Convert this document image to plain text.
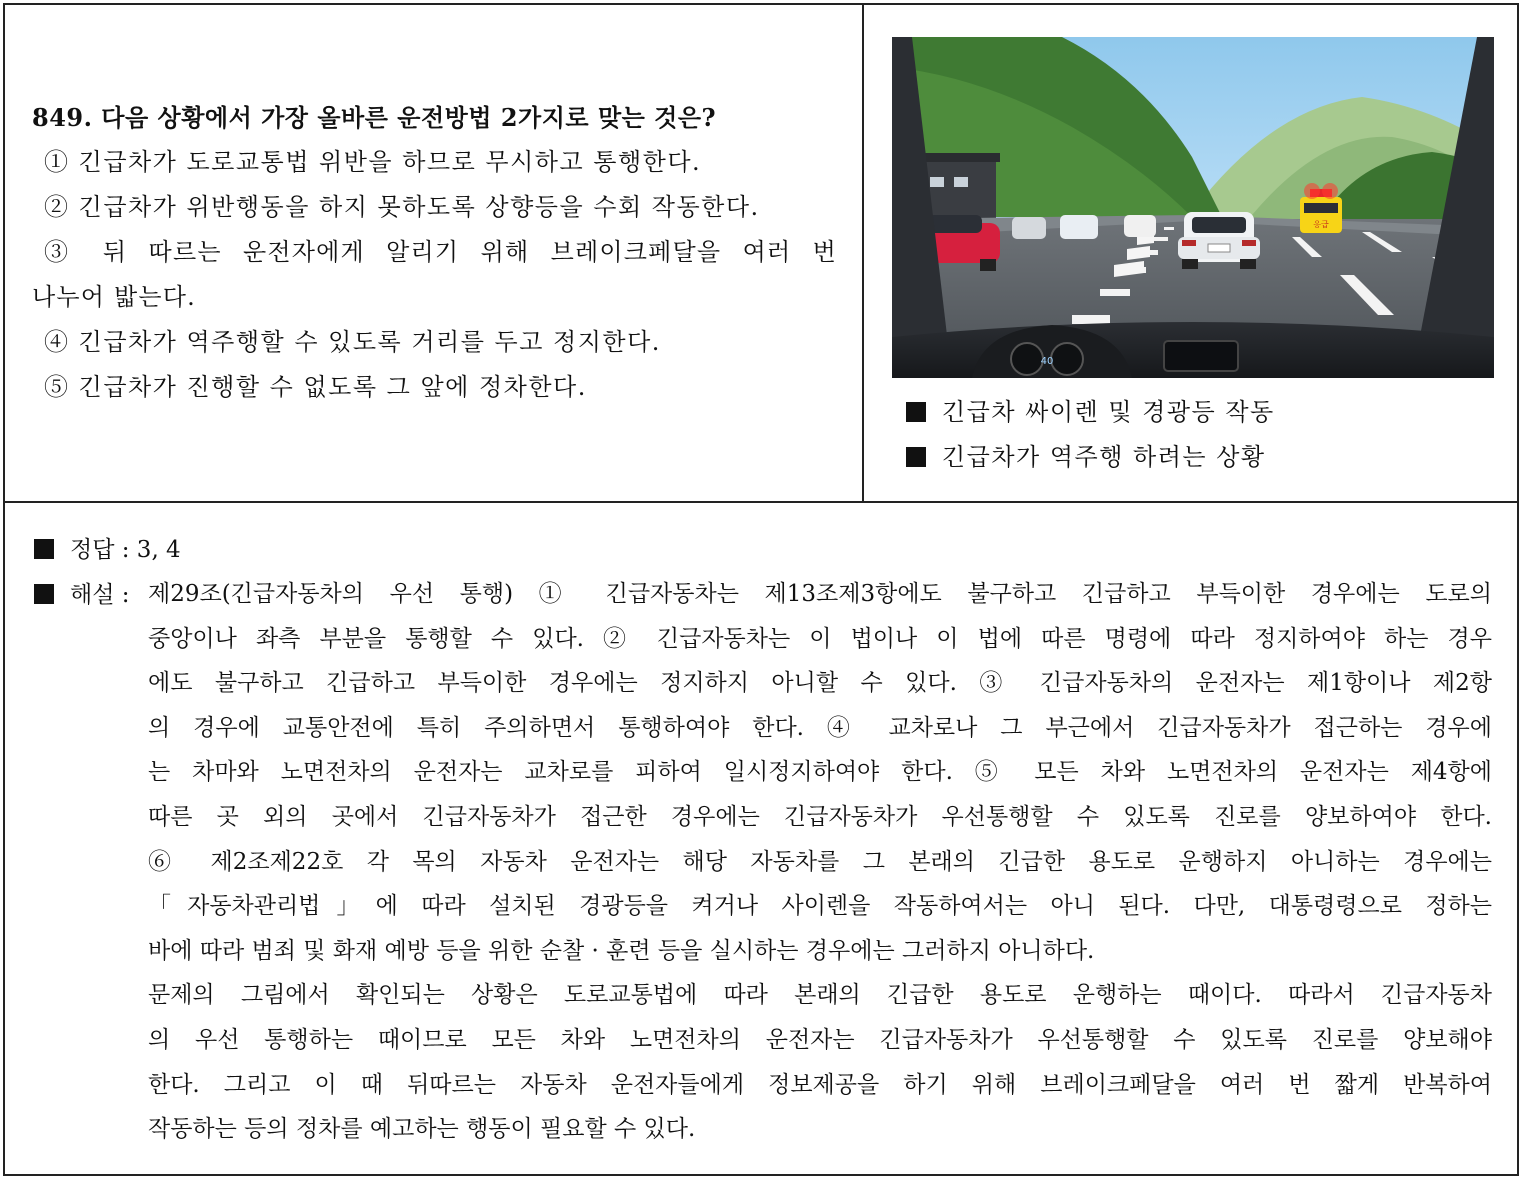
849. 다음 상황에서 가장 올바른 운전방법 2가지로 맞는 것은?
① 긴급차가 도로교통법 위반을 하므로 무시하고 통행한다.
② 긴급차가 위반행동을 하지 못하도록 상향등을 수회 작동한다.
③ 뒤 따르는 운전자에게 알리기 위해 브레이크페달을 여러 번
나누어 밟는다.
④ 긴급차가 역주행할 수 있도록 거리를 두고 정지한다.
⑤ 긴급차가 진행할 수 없도록 그 앞에 정차한다.
응급
40
긴급차 싸이렌 및 경광등 작동
긴급차가 역주행 하려는 상황
정답 : 3, 4
해설 : 제29조(긴급자동차의 우선 통행) ① 긴급자동차는 제13조제3항에도 불구하고 긴급하고 부득이한 경우에는 도로의
중앙이나 좌측 부분을 통행할 수 있다. ② 긴급자동차는 이 법이나 이 법에 따른 명령에 따라 정지하여야 하는 경우
에도 불구하고 긴급하고 부득이한 경우에는 정지하지 아니할 수 있다. ③ 긴급자동차의 운전자는 제1항이나 제2항
의 경우에 교통안전에 특히 주의하면서 통행하여야 한다. ④ 교차로나 그 부근에서 긴급자동차가 접근하는 경우에
는 차마와 노면전차의 운전자는 교차로를 피하여 일시정지하여야 한다. ⑤ 모든 차와 노면전차의 운전자는 제4항에
따른 곳 외의 곳에서 긴급자동차가 접근한 경우에는 긴급자동차가 우선통행할 수 있도록 진로를 양보하여야 한다.
⑥ 제2조제22호 각 목의 자동차 운전자는 해당 자동차를 그 본래의 긴급한 용도로 운행하지 아니하는 경우에는
「자동차관리법」에 따라 설치된 경광등을 켜거나 사이렌을 작동하여서는 아니 된다. 다만, 대통령령으로 정하는
바에 따라 범죄 및 화재 예방 등을 위한 순찰 · 훈련 등을 실시하는 경우에는 그러하지 아니하다.
문제의 그림에서 확인되는 상황은 도로교통법에 따라 본래의 긴급한 용도로 운행하는 때이다. 따라서 긴급자동차
의 우선 통행하는 때이므로 모든 차와 노면전차의 운전자는 긴급자동차가 우선통행할 수 있도록 진로를 양보해야
한다. 그리고 이 때 뒤따르는 자동차 운전자들에게 정보제공을 하기 위해 브레이크페달을 여러 번 짧게 반복하여
작동하는 등의 정차를 예고하는 행동이 필요할 수 있다.
